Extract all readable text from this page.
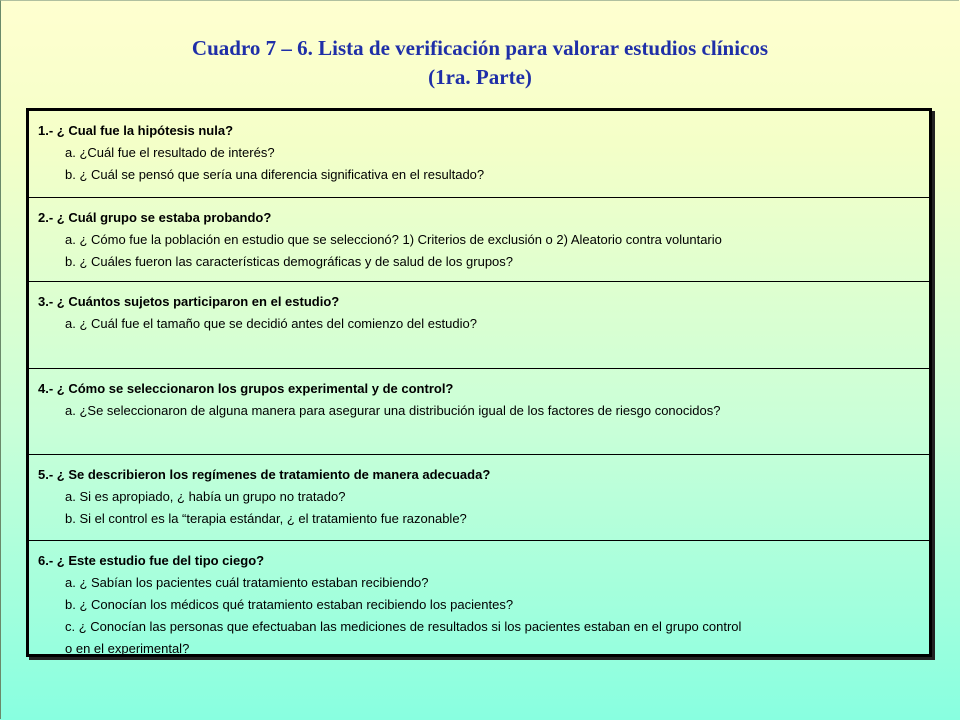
Cuadro 7 – 6. Lista de verificación para valorar estudios clínicos
(1ra. Parte)
1.- ¿ Cual fue la hipótesis nula?
a. ¿Cuál fue el resultado de interés?
b. ¿ Cuál se pensó que sería una diferencia significativa en el resultado?
2.- ¿ Cuál grupo se estaba probando?
a. ¿ Cómo fue la población en estudio que se seleccionó? 1) Criterios de exclusión o 2) Aleatorio contra voluntario
b. ¿ Cuáles fueron las características demográficas y de salud de los grupos?
3.- ¿ Cuántos sujetos participaron en el estudio?
a. ¿ Cuál fue el tamaño que se decidió antes del comienzo del estudio?
4.- ¿ Cómo se seleccionaron los grupos experimental y de control?
a. ¿Se seleccionaron de alguna manera para asegurar una distribución igual de los factores de riesgo conocidos?
5.- ¿ Se describieron los regímenes de tratamiento de manera adecuada?
a. Si es apropiado, ¿ había un grupo no tratado?
b. Si el control es la “terapia estándar, ¿ el tratamiento fue razonable?
6.- ¿ Este estudio fue del tipo ciego?
a. ¿ Sabían los pacientes cuál tratamiento estaban recibiendo?
b. ¿ Conocían los médicos qué tratamiento estaban recibiendo los pacientes?
c. ¿ Conocían las personas que efectuaban las mediciones de resultados si los pacientes estaban en el grupo control
o en el experimental?
